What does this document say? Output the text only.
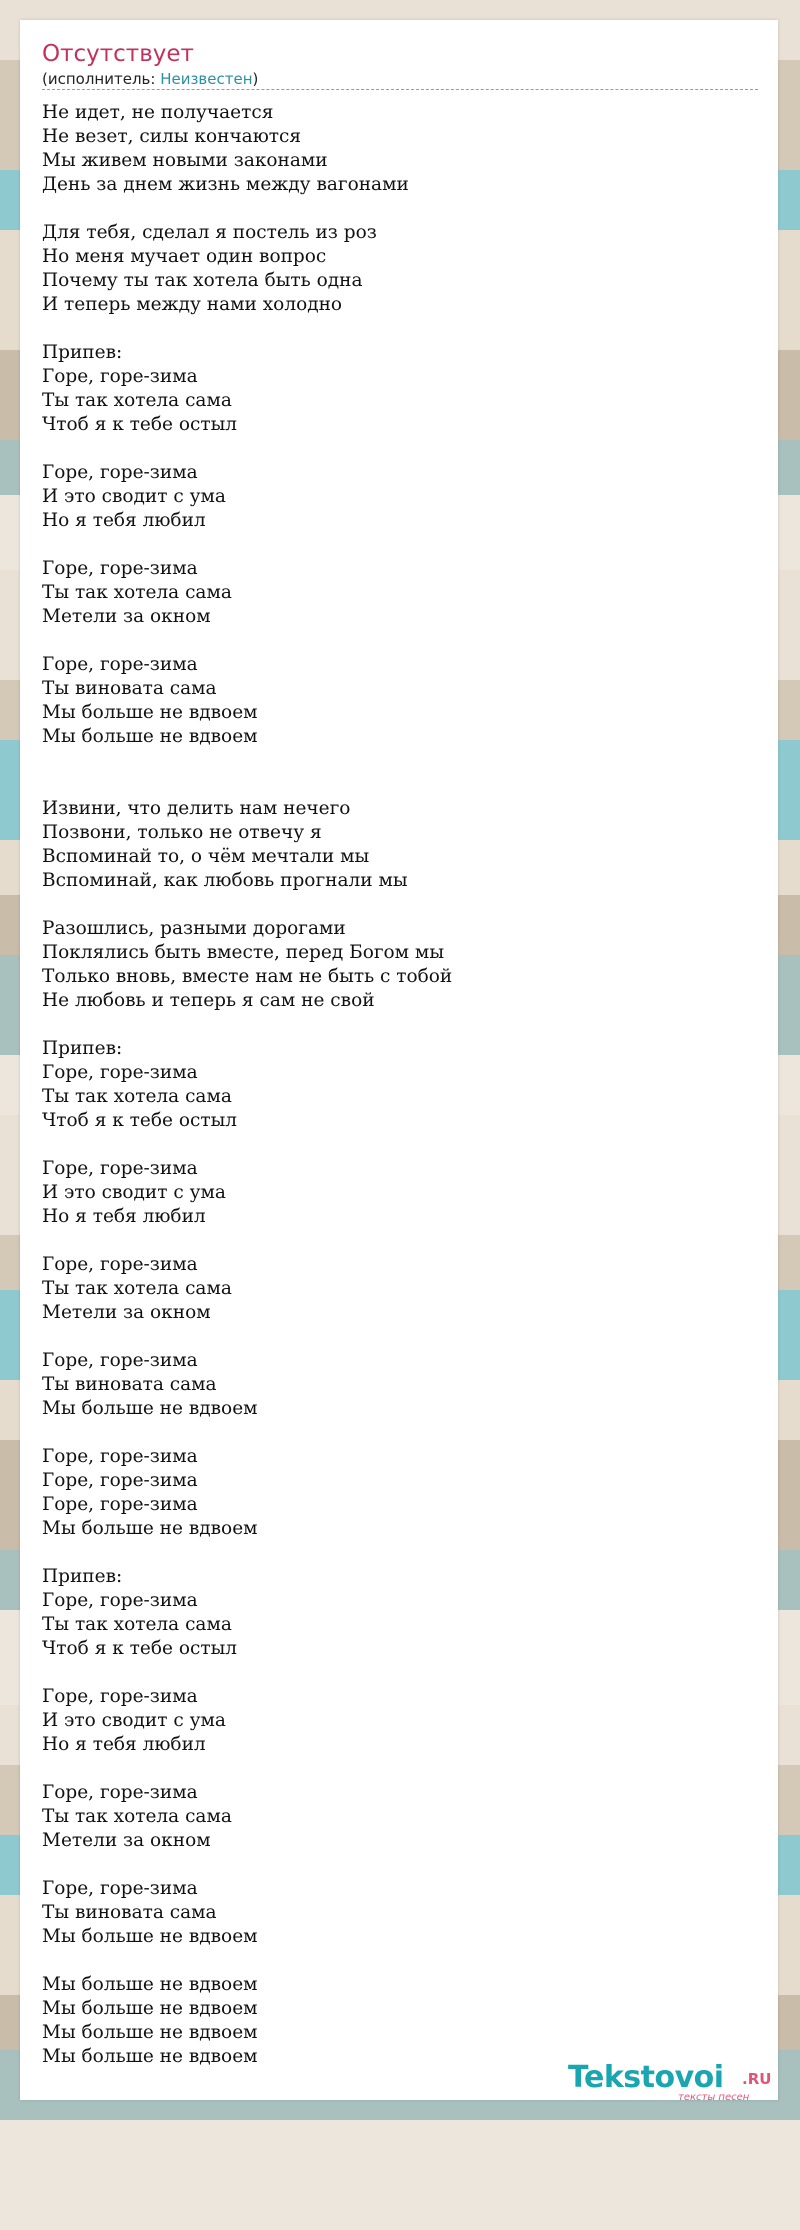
Отсутствует
(исполнитель: Неизвестен)
Не идет, не получается
Не везет, силы кончаются
Мы живем новыми законами
День за днем жизнь между вагонами
Для тебя, сделал я постель из роз
Но меня мучает один вопрос
Почему ты так хотела быть одна
И теперь между нами холодно
Припев:
Горе, горе-зима
Ты так хотела сама
Чтоб я к тебе остыл
Горе, горе-зима
И это сводит с ума
Но я тебя любил
Горе, горе-зима
Ты так хотела сама
Метели за окном
Горе, горе-зима
Ты виновата сама
Мы больше не вдвоем
Мы больше не вдвоем
Извини, что делить нам нечего
Позвони, только не отвечу я
Вспоминай то, о чём мечтали мы
Вспоминай, как любовь прогнали мы
Разошлись, разными дорогами
Поклялись быть вместе, перед Богом мы
Только вновь, вместе нам не быть с тобой
Не любовь и теперь я сам не свой
Припев:
Горе, горе-зима
Ты так хотела сама
Чтоб я к тебе остыл
Горе, горе-зима
И это сводит с ума
Но я тебя любил
Горе, горе-зима
Ты так хотела сама
Метели за окном
Горе, горе-зима
Ты виновата сама
Мы больше не вдвоем
Горе, горе-зима
Горе, горе-зима
Горе, горе-зима
Мы больше не вдвоем
Припев:
Горе, горе-зима
Ты так хотела сама
Чтоб я к тебе остыл
Горе, горе-зима
И это сводит с ума
Но я тебя любил
Горе, горе-зима
Ты так хотела сама
Метели за окном
Горе, горе-зима
Ты виновата сама
Мы больше не вдвоем
Мы больше не вдвоем
Мы больше не вдвоем
Мы больше не вдвоем
Мы больше не вдвоем
Tekstovoi .RU
тексты песен
